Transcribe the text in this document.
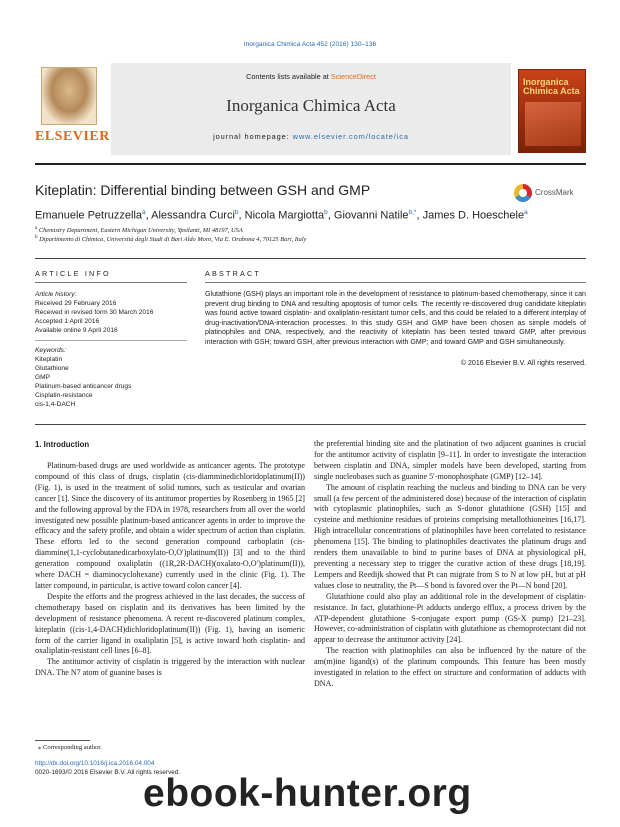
Inorganica Chimica Acta 452 (2016) 130–136
ELSEVIER
Contents lists available at ScienceDirect
Inorganica Chimica Acta
journal homepage: www.elsevier.com/locate/ica
Inorganica Chimica Acta
Kiteplatin: Differential binding between GSH and GMP	CrossMark
Emanuele Petruzzella$^a$, Alessandra Curci$^b$, Nicola Margiotta$^b$, Giovanni Natile$^{b,*}$, James D. Hoeschele$^a$
$^a$ Chemistry Department, Eastern Michigan University, Ypsilanti, MI 48197, USA
$^b$ Dipartimento di Chimica, Università degli Studi di Bari Aldo Moro, Via E. Orabona 4, 70125 Bari, Italy
ARTICLE INFO	ABSTRACT
Article history:
Received 29 February 2016
Received in revised form 30 March 2016
Accepted 1 April 2016
Available online 9 April 2016
Keywords:
Kiteplatin
Glutathione
GMP
Platinum-based anticancer drugs
Cisplatin-resistance
cis-1,4-DACH
Glutathione (GSH) plays an important role in the development of resistance to platinum-based chemotherapy, since it can prevent drug binding to DNA and resulting apoptosis of tumor cells. The recently re-discovered drug candidate kiteplatin was found active toward cisplatin- and oxaliplatin-resistant tumor cells, and this could be related to a different interplay of drug-inactivation/DNA-interaction processes. In this study GSH and GMP have been chosen as simple models of platinophiles and DNA, respectively, and the reactivity of kiteplatin has been tested toward GMP, after previous interaction with GSH; toward GSH, after previous interaction with GMP; and toward GMP and GSH simultaneously.
© 2016 Elsevier B.V. All rights reserved.
1. Introduction

Platinum-based drugs are used worldwide as anticancer agents. The prototype compound of this class of drugs, cisplatin (cis-diamminedichloridoplatinum(II)) (Fig. 1), is used in the treatment of solid tumors, such as testicular and ovarian cancer [1]. Since the discovery of its antitumor properties by Rosenberg in 1965 [2] and the following approval by the FDA in 1978, researchers from all over the world investigated new possible platinum-based anticancer agents in order to improve the efficacy and the safety profile, and obtain a wider spectrum of action than cisplatin. These efforts led to the second generation compound carboplatin (cis-diammine(1,1-cyclobutanedicarboxylato-O,O′)platinum(II)) [3] and to the third generation compound oxaliplatin ((1R,2R-DACH)(oxalato-O,O′)platinum(II)), where DACH = diaminocyclohexane) currently used in the clinic (Fig. 1). The latter compound, in particular, is active toward colon cancer [4].

Despite the efforts and the progress achieved in the last decades, the success of chemotherapy based on cisplatin and its derivatives has been limited by the development of resistance phenomena. A recent re-discovered platinum complex, kiteplatin ((cis-1,4-DACH)dichloridoplatinum(II)) (Fig. 1), having an isomeric form of the carrier ligand in oxaliplatin [5], is active toward both cisplatin- and oxaliplatin-resistant cell lines [6–8].

The antitumor activity of cisplatin is triggered by the interaction with nuclear DNA. The N7 atom of guanine bases is

the preferential binding site and the platination of two adjacent guanines is crucial for the antitumor activity of cisplatin [9–11]. In order to investigate the interaction between cisplatin and DNA, simpler models have been developed, starting from single nucleobases such as guanine 5′-monophosphate (GMP) [12–14].

The amount of cisplatin reaching the nucleus and binding to DNA can be very small (a few percent of the administered dose) because of the interaction of cisplatin with cytoplasmic platinophiles, such as S-donor glutathione (GSH) [15] and cysteine and methionine residues of proteins comprising metallothioneines [16,17]. High intracellular concentrations of platinophiles have been correlated to resistance phenomena [15]. The binding to platinophiles deactivates the platinum drugs and renders them unavailable to bind to purine bases of DNA at physiological pH, preventing a necessary step to trigger the curative action of these drugs [18,19]. Lempers and Reedijk showed that Pt can migrate from S to N at low pH, but at pH values close to neutrality, the Pt—S bond is favored over the Pt—N bond [20].

Glutathione could also play an additional role in the development of cisplatin-resistance. In fact, glutathione-Pt adducts undergo efflux, a process driven by the ATP-dependent glutathione S-conjugate export pump (GS-X pump) [21–23]. However, co-administration of cisplatin with glutathione as chemoprotectant did not appear to decrease the antitumor activity [24].

The reaction with platinophiles can also be influenced by the nature of the am(m)ine ligand(s) of the platinum compounds. This feature has been mostly investigated in relation to the effect on structure and conformation of adducts with DNA.

⁎ Corresponding author.
http://dx.doi.org/10.1016/j.ica.2016.04.004
0020-1693/© 2016 Elsevier B.V. All rights reserved.
ebook-hunter.org
